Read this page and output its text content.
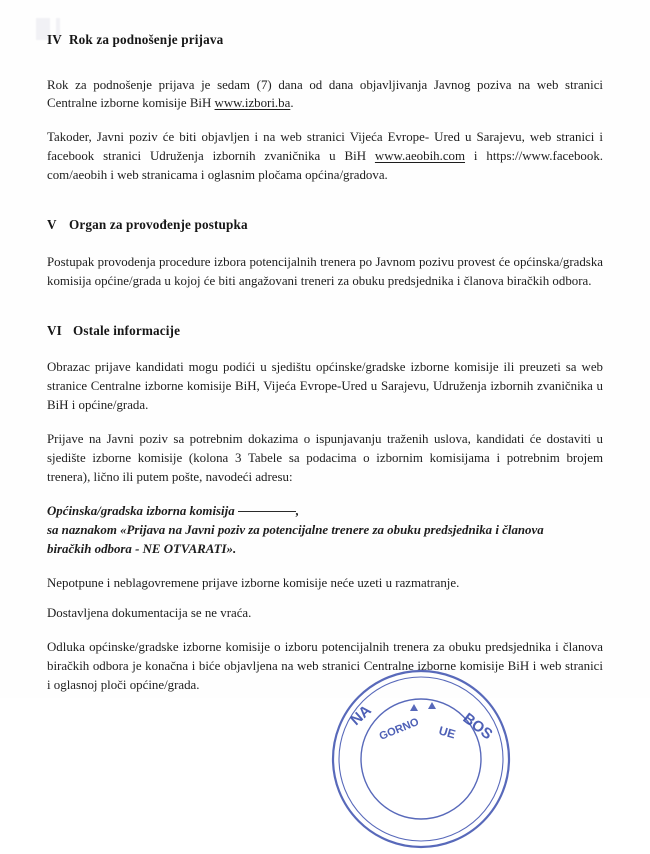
IV Rok za podnošenje prijava

Rok za podnošenje prijava je sedam (7) dana od dana objavljivanja Javnog poziva na web stranici Centralne izborne komisije BiH www.izbori.ba.

Takoder, Javni poziv će biti objavljen i na web stranici Vijeća Evrope- Ured u Sarajevu, web stranici i facebook stranici Udruženja izbornih zvaničnika u BiH www.aeobih.com i https://www.facebook. com/aeobih i web stranicama i oglasnim pločama općina/gradova.

V Organ za provođenje postupka

Postupak provodenja procedure izbora potencijalnih trenera po Javnom pozivu provest će općinska/gradska komisija općine/grada u kojoj će biti angažovani treneri za obuku predsjednika i članova biračkih odbora.

VI Ostale informacije

Obrazac prijave kandidati mogu podići u sjedištu općinske/gradske izborne komisije ili preuzeti sa web stranice Centralne izborne komisije BiH, Vijeća Evrope-Ured u Sarajevu, Udruženja izbornih zvaničnika u BiH i općine/grada.

Prijave na Javni poziv sa potrebnim dokazima o ispunjavanju traženih uslova, kandidati će dostaviti u sjedište izborne komisije (kolona 3 Tabele sa podacima o izbornim komisijama i potrebnim brojem trenera), lično ili putem pošte, navodeći adresu:

Općinska/gradska izborna komisija	,
sa naznakom «Prijava na Javni poziv za potencijalne trenere za obuku predsjednika i članova
biračkih odbora - NE OTVARATI».

Nepotpune i neblagovremene prijave izborne komisije neće uzeti u razmatranje.

Dostavljena dokumentacija se ne vraća.

Odluka općinske/gradske izborne komisije o izboru potencijalnih trenera za obuku predsjednika i članova biračkih odbora je konačna i biće objavljena na web stranici Centralne izborne komisije BiH i web stranici i oglasnoj ploči općine/grada.

NA
GORNO UE BOS
